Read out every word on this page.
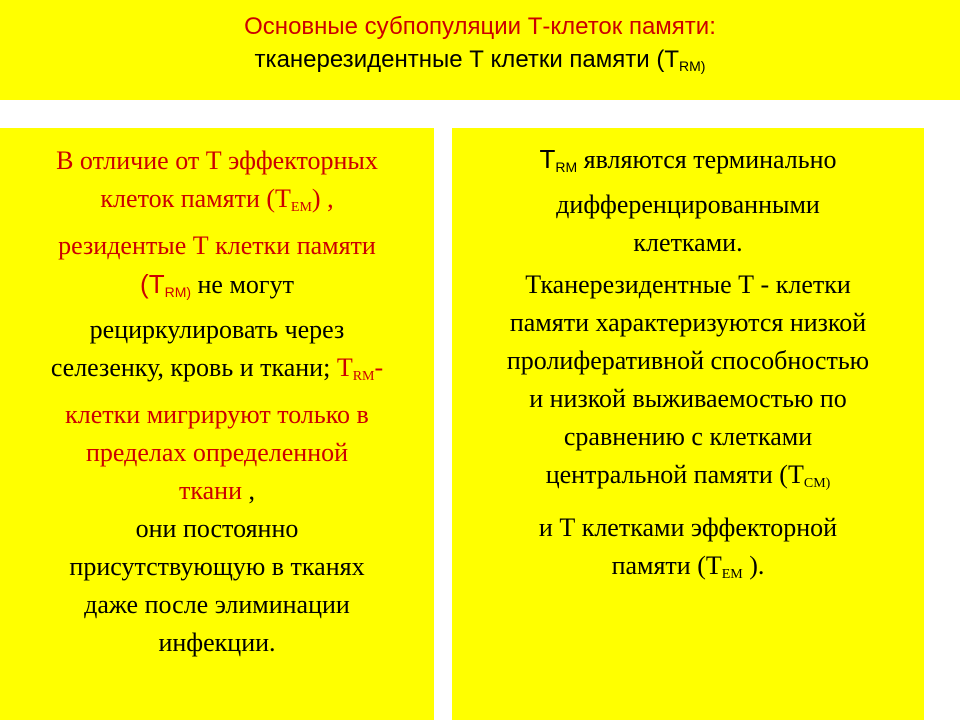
Основные субпопуляции Т-клеток памяти:
тканерезидентные Т клетки памяти ($Т_{RM)}$
В отличие от Т эффекторных
клеток памяти $(Т_{EM})$ ,
резидентые Т клетки памяти
($Т_{RM)}$ не могут
рециркулировать через
селезенку, кровь и ткани; $Т_{RM}-$
клетки мигрируют только в
пределах определенной
ткани ,
они постоянно
присутствующую в тканях
даже после элиминации
инфекции.
$Т_{RM}$ являются терминально
дифференцированными
клетками.
Тканерезидентные Т - клетки
памяти характеризуются низкой
пролиферативной способностью
и низкой выживаемостью по
сравнению с клетками
центральной памяти ($Т_{CM)}$
и Т клетками эффекторной
памяти ($Т_{EM}$ ).
